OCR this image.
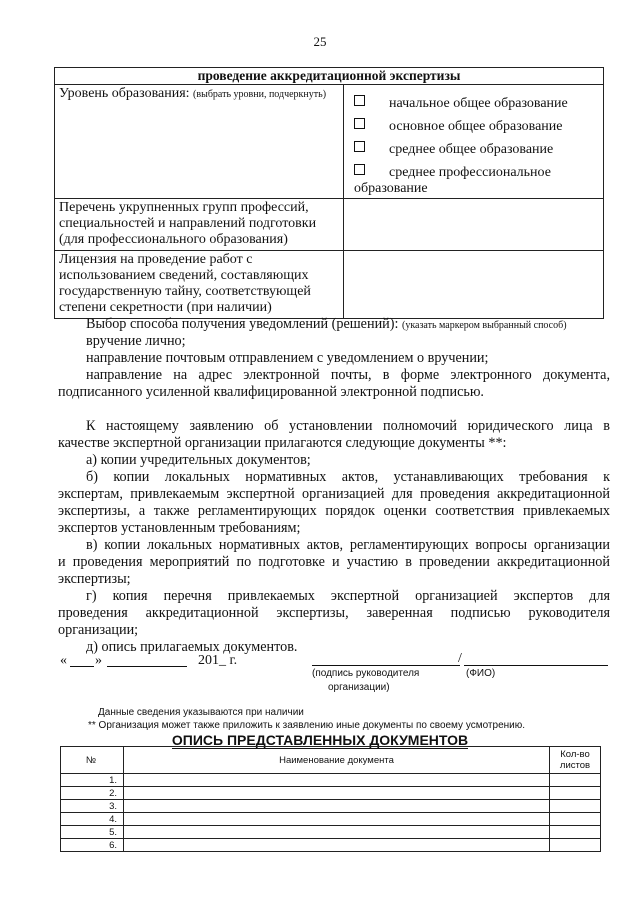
25
проведение аккредитационной экспертизы	
Уровень образования: (выбрать уровни, подчеркнуть)	начальное общее образование
основное общее образование
среднее общее образование
среднее профессиональное
образование

Перечень укрупненных групп профессий,
специальностей и направлений подготовки
(для профессионального образования)	

Лицензия на проведение работ с
использованием сведений, составляющих
государственную тайну, соответствующей
степени секретности (при наличии)	

Выбор способа получения уведомлений (решений): (указать маркером выбранный способ)
вручение лично;
направление почтовым отправлением с уведомлением о вручении;
направление на адрес электронной почты, в форме электронного документа,
подписанного усиленной квалифицированной электронной подписью.
К настоящему заявлению об установлении полномочий юридического лица в
качестве экспертной организации прилагаются следующие документы **:
а) копии учредительных документов;
б) копии локальных нормативных актов, устанавливающих требования к
экспертам, привлекаемым экспертной организацией для проведения аккредитационной
экспертизы, а также регламентирующих порядок оценки соответствия привлекаемых
экспертов установленным требованиям;
в) копии локальных нормативных актов, регламентирующих вопросы организации
и проведения мероприятий по подготовке и участию в проведении аккредитационной
экспертизы;
г) копия перечня привлекаемых экспертной организацией экспертов для
проведения аккредитационной экспертизы, заверенная подписью руководителя
организации;
д) опись прилагаемых документов.
« »	201_ г.	/
(подпись руководителя
организации)
(ФИО)
Данные сведения указываются при наличии
** Организация может также приложить к заявлению иные документы по своему усмотрению.
ОПИСЬ ПРЕДСТАВЛЕННЫХ ДОКУМЕНТОВ
№	Наименование документа	Кол-во листов
1.		
2.		
3.		
4.		
5.		
6.		
